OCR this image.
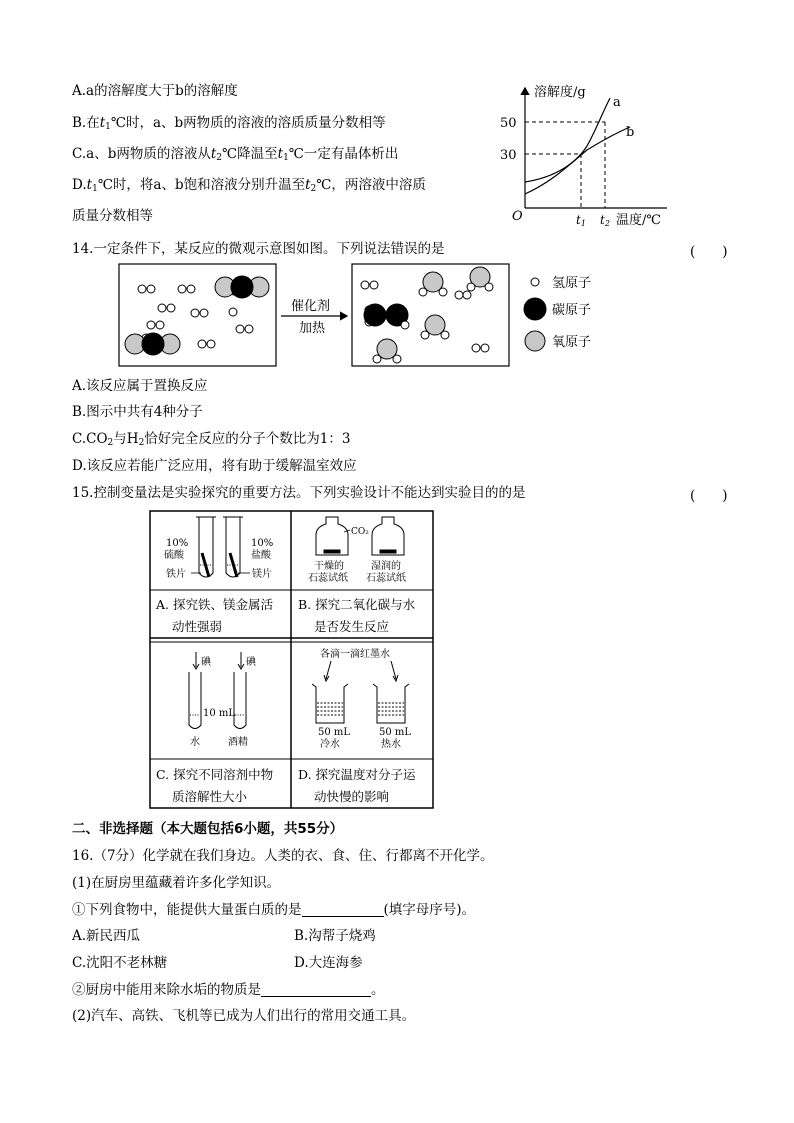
A.a的溶解度大于b的溶解度
B.在$t_1℃$时，a、b两物质的溶液的溶质质量分数相等
C.a、b两物质的溶液从$t_2℃$降温至$t_1℃$一定有晶体析出
$D.t_1℃$时，将a、b饱和溶液分别升温至$t_2℃$，两溶液中溶质
质量分数相等
溶解度/g
a
b
50
30
O	t1 t2 温度/℃
14.一定条件下，某反应的微观示意图如图。下列说法错误的是	(　　)
催化剂
加热
氢原子
碳原子
氧原子
A.该反应属于置换反应
B.图示中共有4种分子
$C.CO_2$与$H_2$恰好完全反应的分子个数比为1：3
D.该反应若能广泛应用，将有助于缓解温室效应
15.控制变量法是实验探究的重要方法。下列实验设计不能达到实验目的的是	(　　)
10%
硫酸
铁片
10%
盐酸
镁片
A. 探究铁、镁金属活
动性强弱
CO₂
干燥的
石蕊试纸
湿润的
石蕊试纸
B. 探究二氧化碳与水
是否发生反应
碘	碘
10 mL
水	酒精
C. 探究不同溶剂中物
质溶解性大小
各滴一滴红墨水
50 mL
冷水
50 mL
热水
D. 探究温度对分子运
动快慢的影响
二、非选择题（本大题包括6小题，共55分）
16.（7分）化学就在我们身边。人类的衣、食、住、行都离不开化学。
(1)在厨房里蕴藏着许多化学知识。
①下列食物中，能提供大量蛋白质的是	(填字母序号)。
A.新民西瓜	B.沟帮子烧鸡
C.沈阳不老林糖	D.大连海参
②厨房中能用来除水垢的物质是	。
(2)汽车、高铁、飞机等已成为人们出行的常用交通工具。
